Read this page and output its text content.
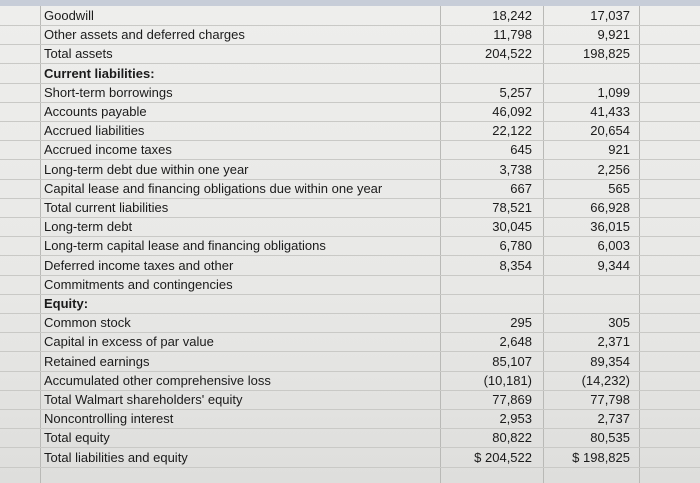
Goodwill	18,242	17,037
Other assets and deferred charges	11,798	9,921
Total assets	204,522	198,825
Current liabilities:
Short-term borrowings	5,257	1,099
Accounts payable	46,092	41,433
Accrued liabilities	22,122	20,654
Accrued income taxes	645	921
Long-term debt due within one year	3,738	2,256
Capital lease and financing obligations due within one year	667	565
Total current liabilities	78,521	66,928
Long-term debt	30,045	36,015
Long-term capital lease and financing obligations	6,780	6,003
Deferred income taxes and other	8,354	9,344
Commitments and contingencies
Equity:
Common stock	295	305
Capital in excess of par value	2,648	2,371
Retained earnings	85,107	89,354
Accumulated other comprehensive loss	(10,181)	(14,232)
Total Walmart shareholders' equity	77,869	77,798
Noncontrolling interest	2,953	2,737
Total equity	80,822	80,535
Total liabilities and equity	$ 204,522	$ 198,825
